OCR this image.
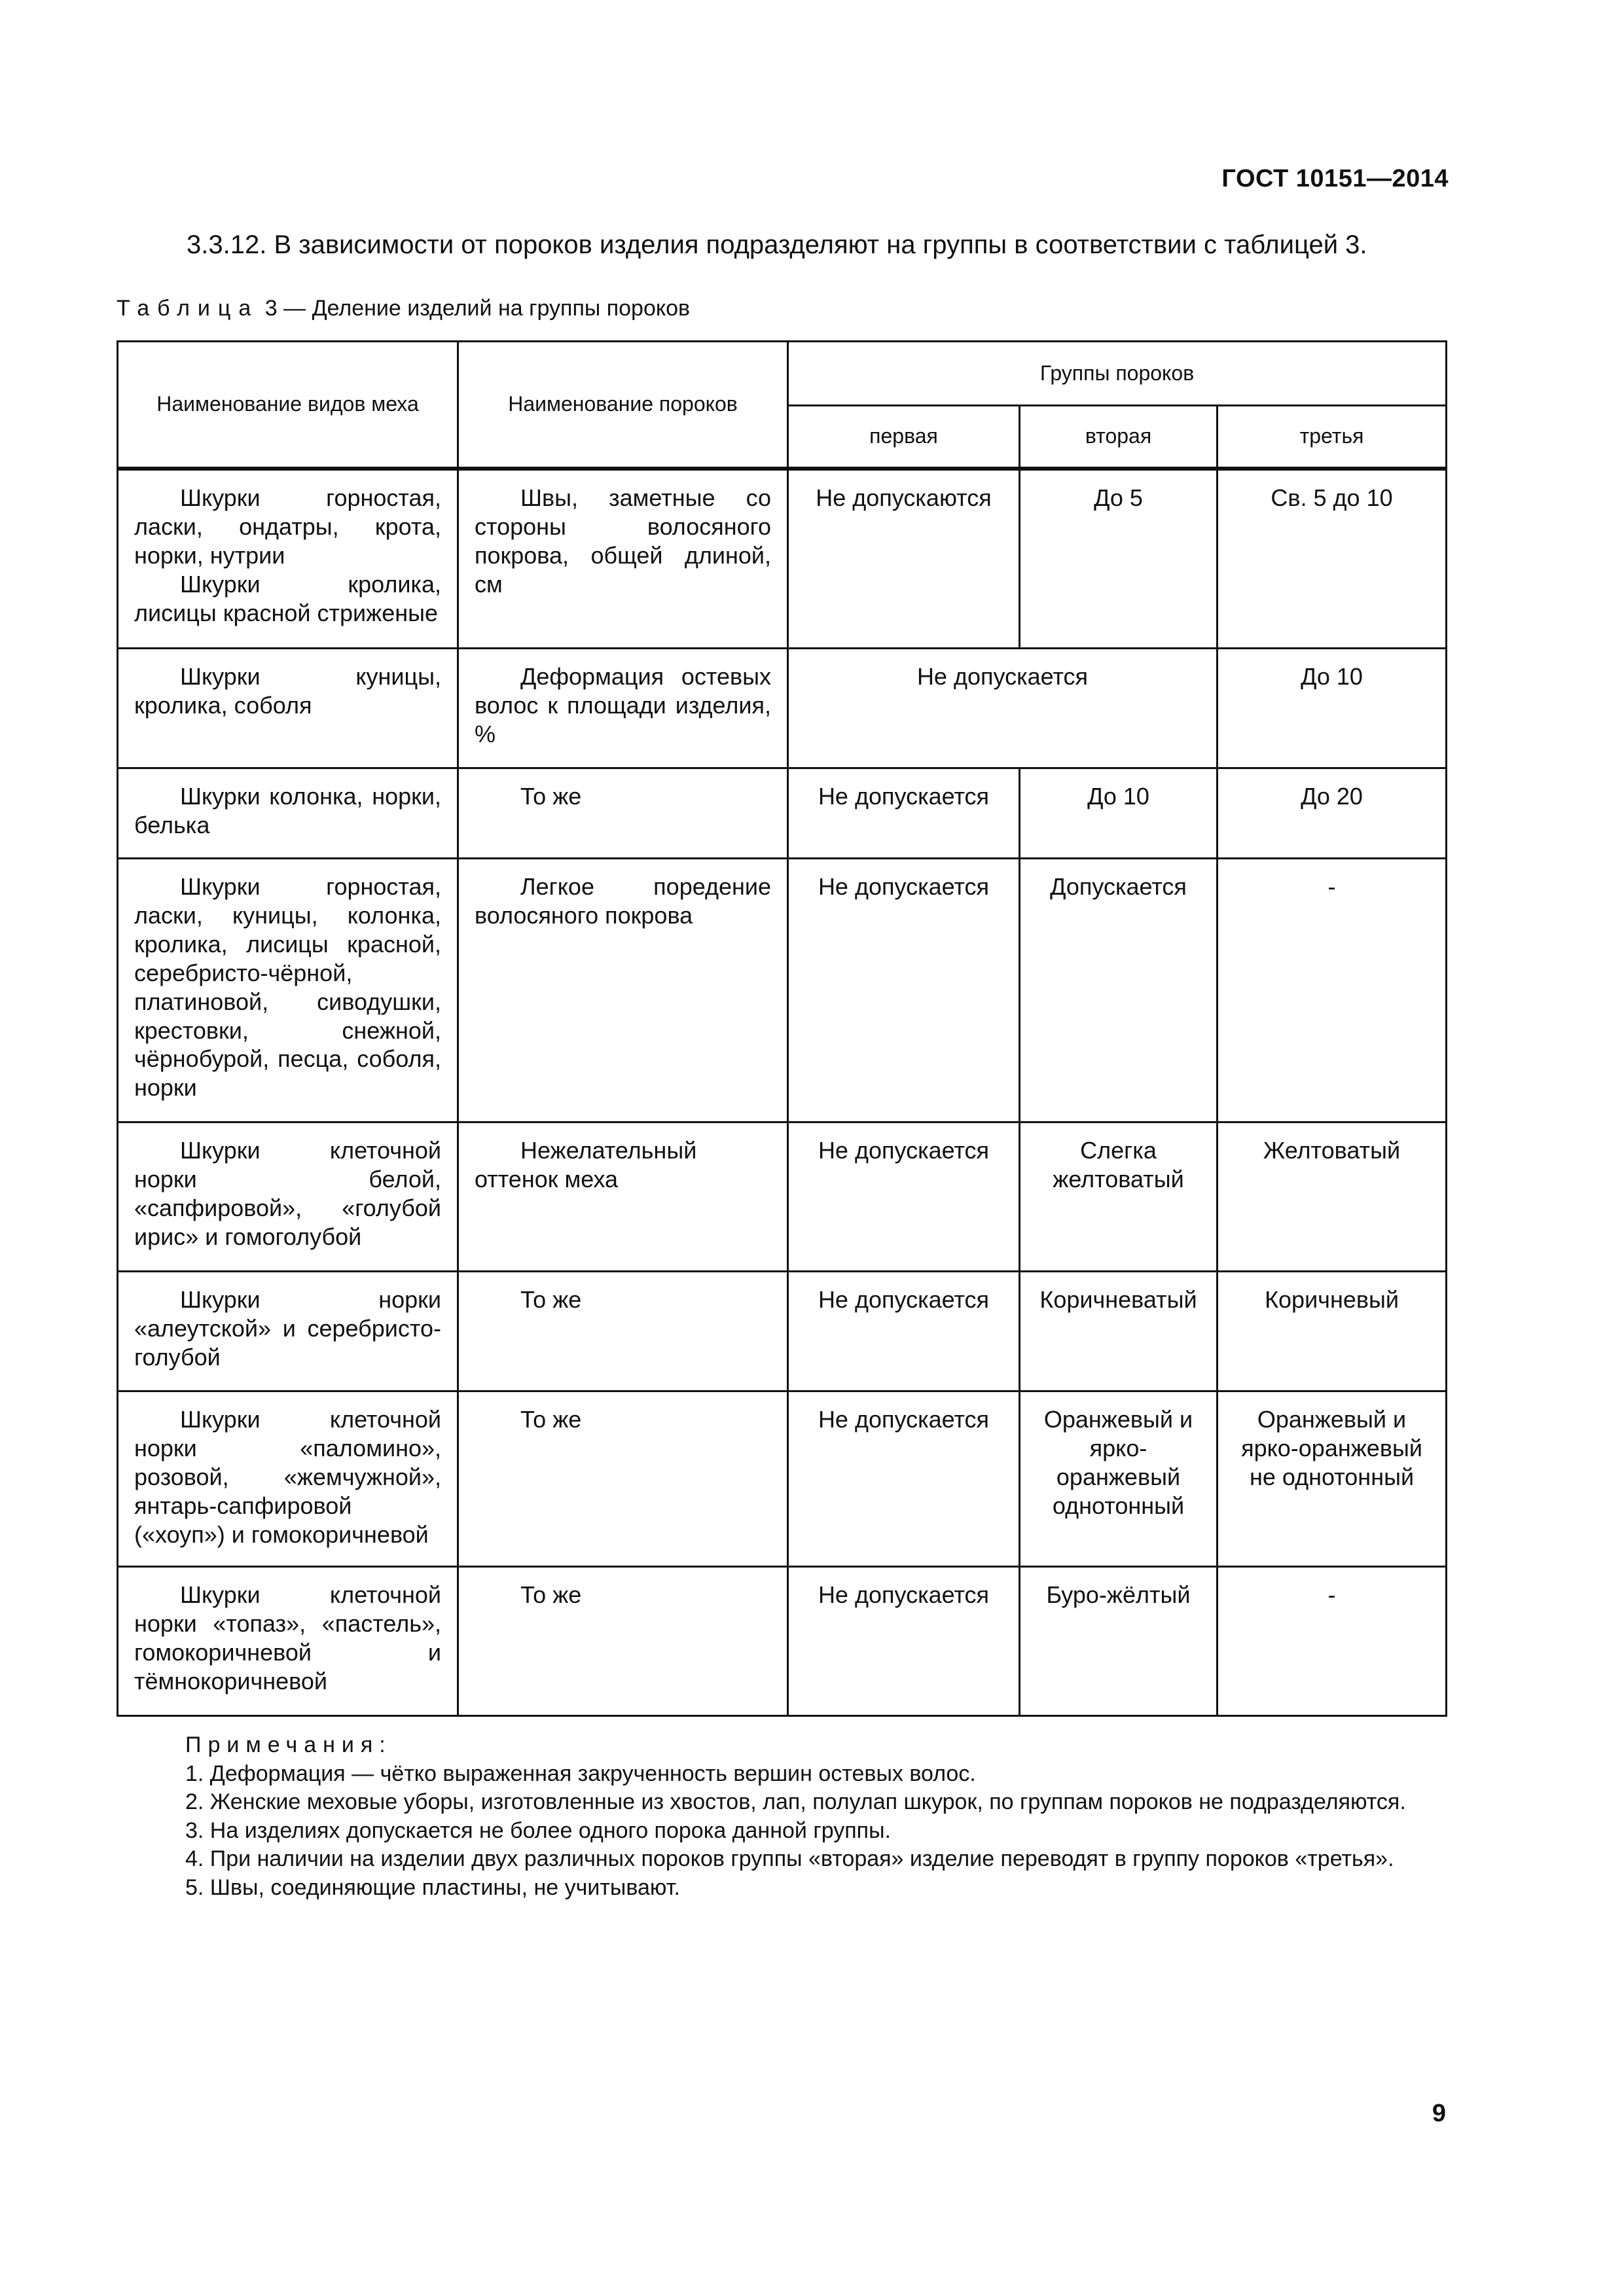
ГОСТ 10151—2014
3.3.12. В зависимости от пороков изделия подразделяют на группы в соответствии с таблицей 3.
Таблица 3 — Деление изделий на группы пороков
Наименование видов меха	Наименование пороков	Группы пороков		
		первая	вторая	третья

Шкурки горностая, ласки, ондатры, крота, норки, нутрии
Шкурки кролика, лисицы красной стриженые	Швы, заметные со стороны волосяного покрова, общей длиной, см	Не допускаются	До 5	Св. 5 до 10
Шкурки куницы, кролика, соболя	Деформация остевых волос к площади изделия, %	Не допускается		До 10
Шкурки колонка, норки, белька	То же	Не допускается	До 10	До 20
Шкурки горностая, ласки, куницы, колонка, кролика, лисицы красной, серебристо-чёрной, платиновой, сиводушки, крестовки, снежной, чёрнобурой, песца, соболя, норки	Легкое поредение волосяного покрова	Не допускается	Допускается	-
Шкурки клеточной норки белой, «сапфировой», «голубой ирис» и гомоголубой	Нежелательный оттенок меха	Не допускается	Слегка желтоватый	Желтоватый
Шкурки норки «алеутской» и серебристо-голубой	То же	Не допускается	Коричневатый	Коричневый
Шкурки клеточной норки «паломино», розовой, «жемчужной», янтарь-сапфировой («хоуп») и гомокоричневой	То же	Не допускается	Оранжевый и ярко-оранжевый однотонный	Оранжевый и ярко-оранжевый не однотонный
Шкурки клеточной норки «топаз», «пастель», гомокоричневой и тёмнокоричневой	То же	Не допускается	Буро-жёлтый	-
Примечания:
1. Деформация — чётко выраженная закрученность вершин остевых волос.
2. Женские меховые уборы, изготовленные из хвостов, лап, полулап шкурок, по группам пороков не подразделяются.
3. На изделиях допускается не более одного порока данной группы.
4. При наличии на изделии двух различных пороков группы «вторая» изделие переводят в группу пороков «третья».
5. Швы, соединяющие пластины, не учитывают.
9
